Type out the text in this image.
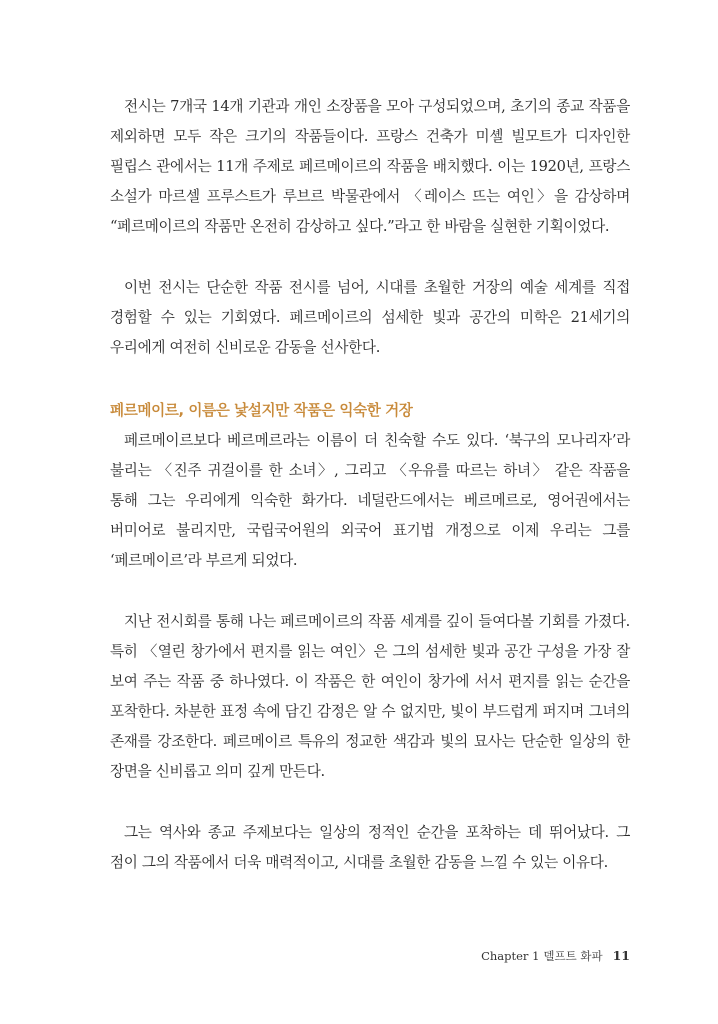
전시는 7개국 14개 기관과 개인 소장품을 모아 구성되었으며, 초기의 종교 작품을 제외하면 모두 작은 크기의 작품들이다. 프랑스 건축가 미셸 빌모트가 디자인한 필립스 관에서는 11개 주제로 페르메이르의 작품을 배치했다. 이는 1920년, 프랑스 소설가 마르셀 프루스트가 루브르 박물관에서 〈레이스 뜨는 여인〉을 감상하며 “페르메이르의 작품만 온전히 감상하고 싶다.”라고 한 바람을 실현한 기획이었다.

이번 전시는 단순한 작품 전시를 넘어, 시대를 초월한 거장의 예술 세계를 직접 경험할 수 있는 기회였다. 페르메이르의 섬세한 빛과 공간의 미학은 21세기의 우리에게 여전히 신비로운 감동을 선사한다.

페르메이르, 이름은 낯설지만 작품은 익숙한 거장

페르메이르보다 베르메르라는 이름이 더 친숙할 수도 있다. ‘북구의 모나리자’라 불리는 〈진주 귀걸이를 한 소녀〉, 그리고 〈우유를 따르는 하녀〉 같은 작품을 통해 그는 우리에게 익숙한 화가다. 네덜란드에서는 베르메르로, 영어권에서는 버미어로 불리지만, 국립국어원의 외국어 표기법 개정으로 이제 우리는 그를 ‘페르메이르’라 부르게 되었다.

지난 전시회를 통해 나는 페르메이르의 작품 세계를 깊이 들여다볼 기회를 가졌다. 특히 〈열린 창가에서 편지를 읽는 여인〉은 그의 섬세한 빛과 공간 구성을 가장 잘 보여 주는 작품 중 하나였다. 이 작품은 한 여인이 창가에 서서 편지를 읽는 순간을 포착한다. 차분한 표정 속에 담긴 감정은 알 수 없지만, 빛이 부드럽게 퍼지며 그녀의 존재를 강조한다. 페르메이르 특유의 정교한 색감과 빛의 묘사는 단순한 일상의 한 장면을 신비롭고 의미 깊게 만든다.

그는 역사와 종교 주제보다는 일상의 정적인 순간을 포착하는 데 뛰어났다. 그 점이 그의 작품에서 더욱 매력적이고, 시대를 초월한 감동을 느낄 수 있는 이유다.

Chapter 1 델프트 화파 11
